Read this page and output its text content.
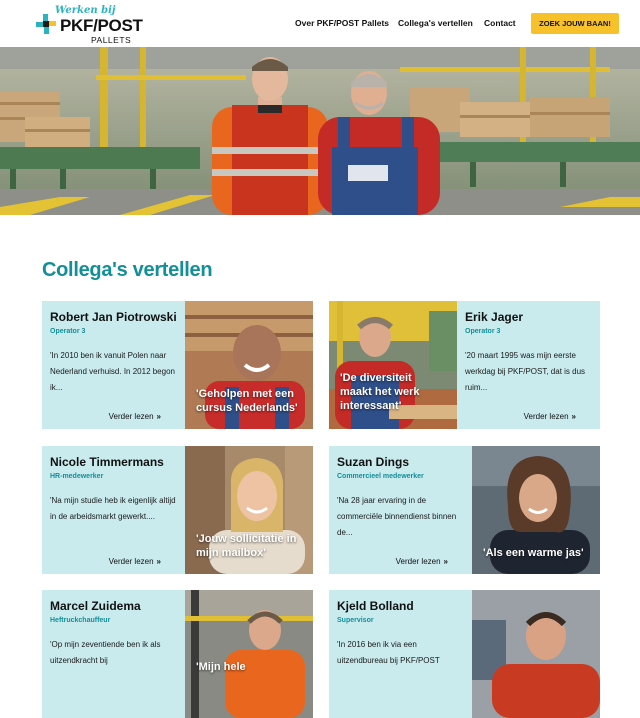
Werken bij
PKF/POST
PALLETS
Over PKF/POST Pallets Collega's vertellen Contact	ZOEK JOUW BAAN!
Collega's vertellen
Robert Jan Piotrowski
Operator 3
'In 2010 ben ik vanuit Polen naar Nederland verhuisd. In 2012 begon ik...
Verder lezen »
'Geholpen met een
cursus Nederlands'
'De diversiteit
maakt het werk
interessant'
Erik Jager
Operator 3
'20 maart 1995 was mijn eerste werkdag bij PKF/POST, dat is dus ruim...
Verder lezen »
Nicole Timmermans
HR-medewerker
'Na mijn studie heb ik eigenlijk altijd in de arbeidsmarkt gewerkt....
Verder lezen »
'Jouw sollicitatie in
mijn mailbox'
Suzan Dings
Commercieel medewerker
'Na 28 jaar ervaring in de commerciële binnendienst binnen de...
Verder lezen »
'Als een warme jas'
Marcel Zuidema
Heftruckchauffeur
'Op mijn zeventiende ben ik als uitzendkracht bij
'Mijn hele
Kjeld Bolland
Supervisor
'In 2016 ben ik via een uitzendbureau bij PKF/POST
